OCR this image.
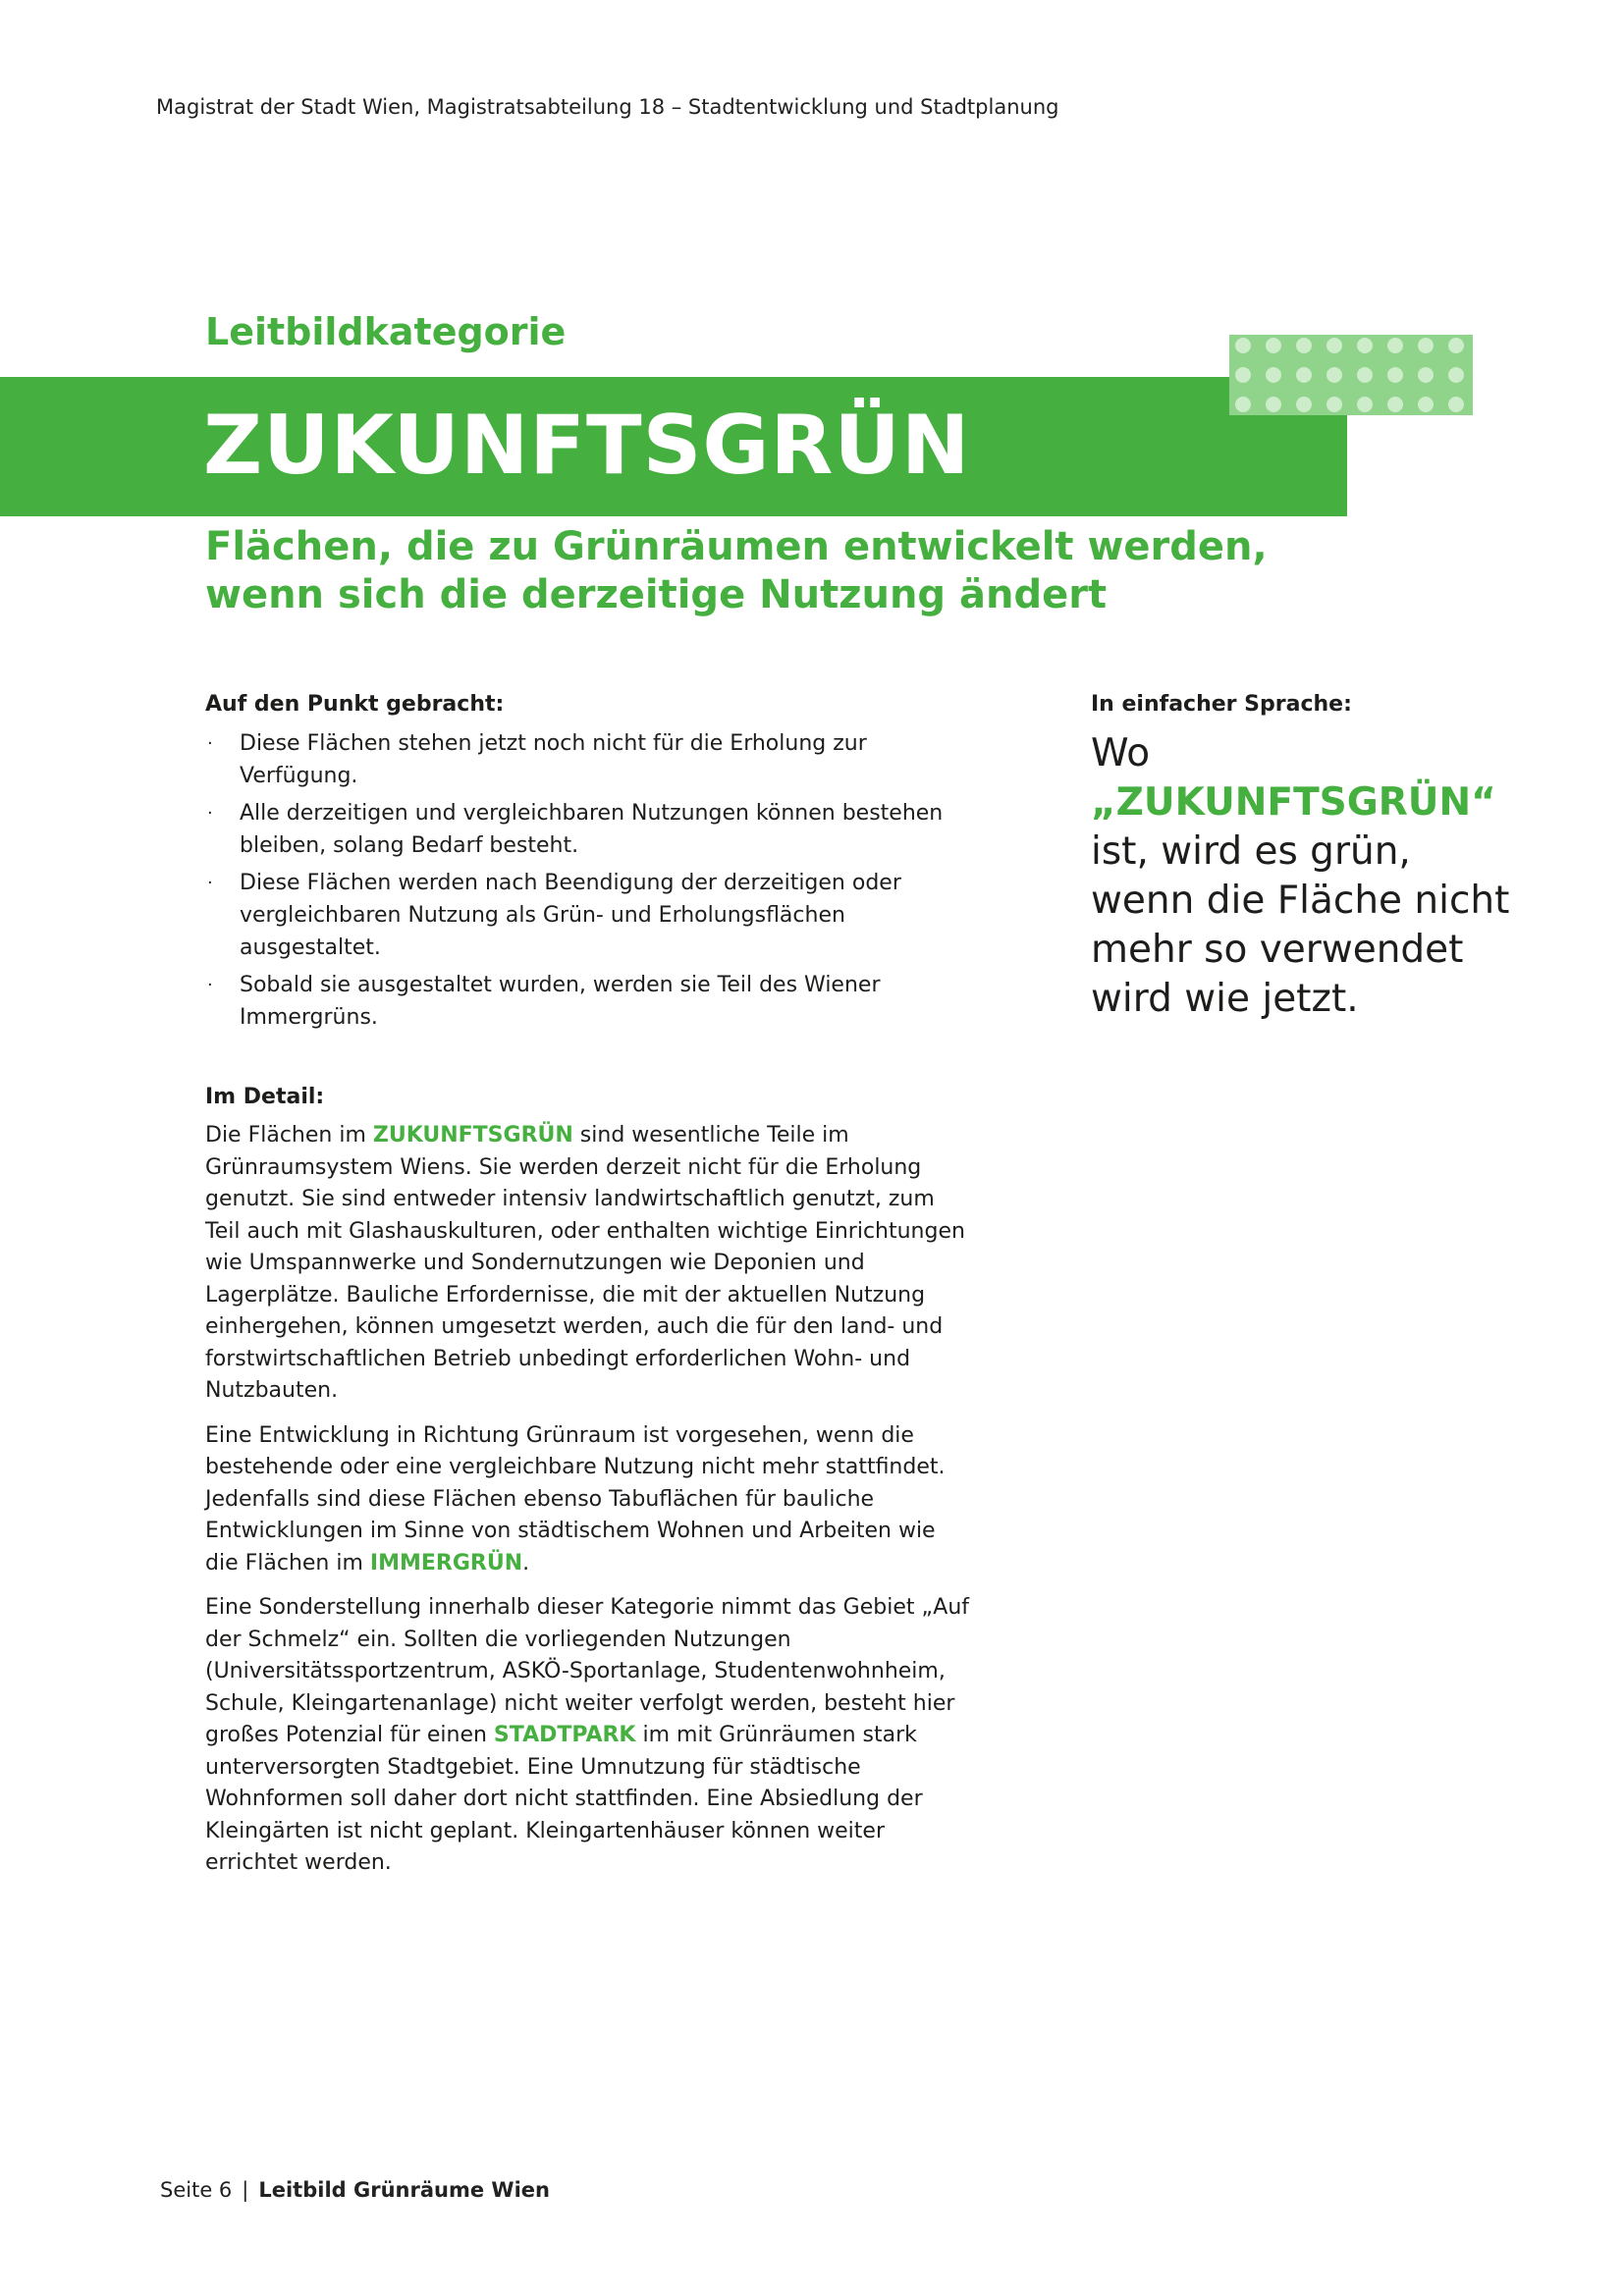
Magistrat der Stadt Wien, Magistratsabteilung 18 – Stadtentwicklung und Stadtplanung
Leitbildkategorie
ZUKUNFTSGRÜN
Flächen, die zu Grünräumen entwickelt werden, wenn sich die derzeitige Nutzung ändert
Auf den Punkt gebracht:
· Diese Flächen stehen jetzt noch nicht für die Erholung zur Verfügung.
· Alle derzeitigen und vergleichbaren Nutzungen können bestehen bleiben, solang Bedarf besteht.
· Diese Flächen werden nach Beendigung der derzeitigen oder vergleichbaren Nutzung als Grün- und Erholungsflächen ausgestaltet.
· Sobald sie ausgestaltet wurden, werden sie Teil des Wiener Immergrüns.
Im Detail:

Die Flächen im ZUKUNFTSGRÜN sind wesentliche Teile im Grünraumsystem Wiens. Sie werden derzeit nicht für die Erholung genutzt. Sie sind entweder intensiv landwirtschaftlich genutzt, zum Teil auch mit Glashauskulturen, oder enthalten wichtige Einrichtungen wie Umspannwerke und Sondernutzungen wie Deponien und Lagerplätze. Bauliche Erfordernisse, die mit der aktuellen Nutzung einhergehen, können umgesetzt werden, auch die für den land- und forstwirtschaftlichen Betrieb unbedingt erforderlichen Wohn- und Nutzbauten.

Eine Entwicklung in Richtung Grünraum ist vorgesehen, wenn die bestehende oder eine vergleichbare Nutzung nicht mehr stattfindet. Jedenfalls sind diese Flächen ebenso Tabuflächen für bauliche Entwicklungen im Sinne von städtischem Wohnen und Arbeiten wie die Flächen im IMMERGRÜN.

Eine Sonderstellung innerhalb dieser Kategorie nimmt das Gebiet „Auf der Schmelz“ ein. Sollten die vorliegenden Nutzungen (Universitätssportzentrum, ASKÖ-Sportanlage, Studentenwohnheim, Schule, Kleingartenanlage) nicht weiter verfolgt werden, besteht hier großes Potenzial für einen STADTPARK im mit Grünräumen stark unterversorgten Stadtgebiet. Eine Umnutzung für städtische Wohnformen soll daher dort nicht stattfinden. Eine Absiedlung der Kleingärten ist nicht geplant. Kleingartenhäuser können weiter errichtet werden.

In einfacher Sprache:
Wo „ZUKUNFTSGRÜN“ ist, wird es grün, wenn die Fläche nicht mehr so verwendet wird wie jetzt.
Seite 6 | Leitbild Grünräume Wien
